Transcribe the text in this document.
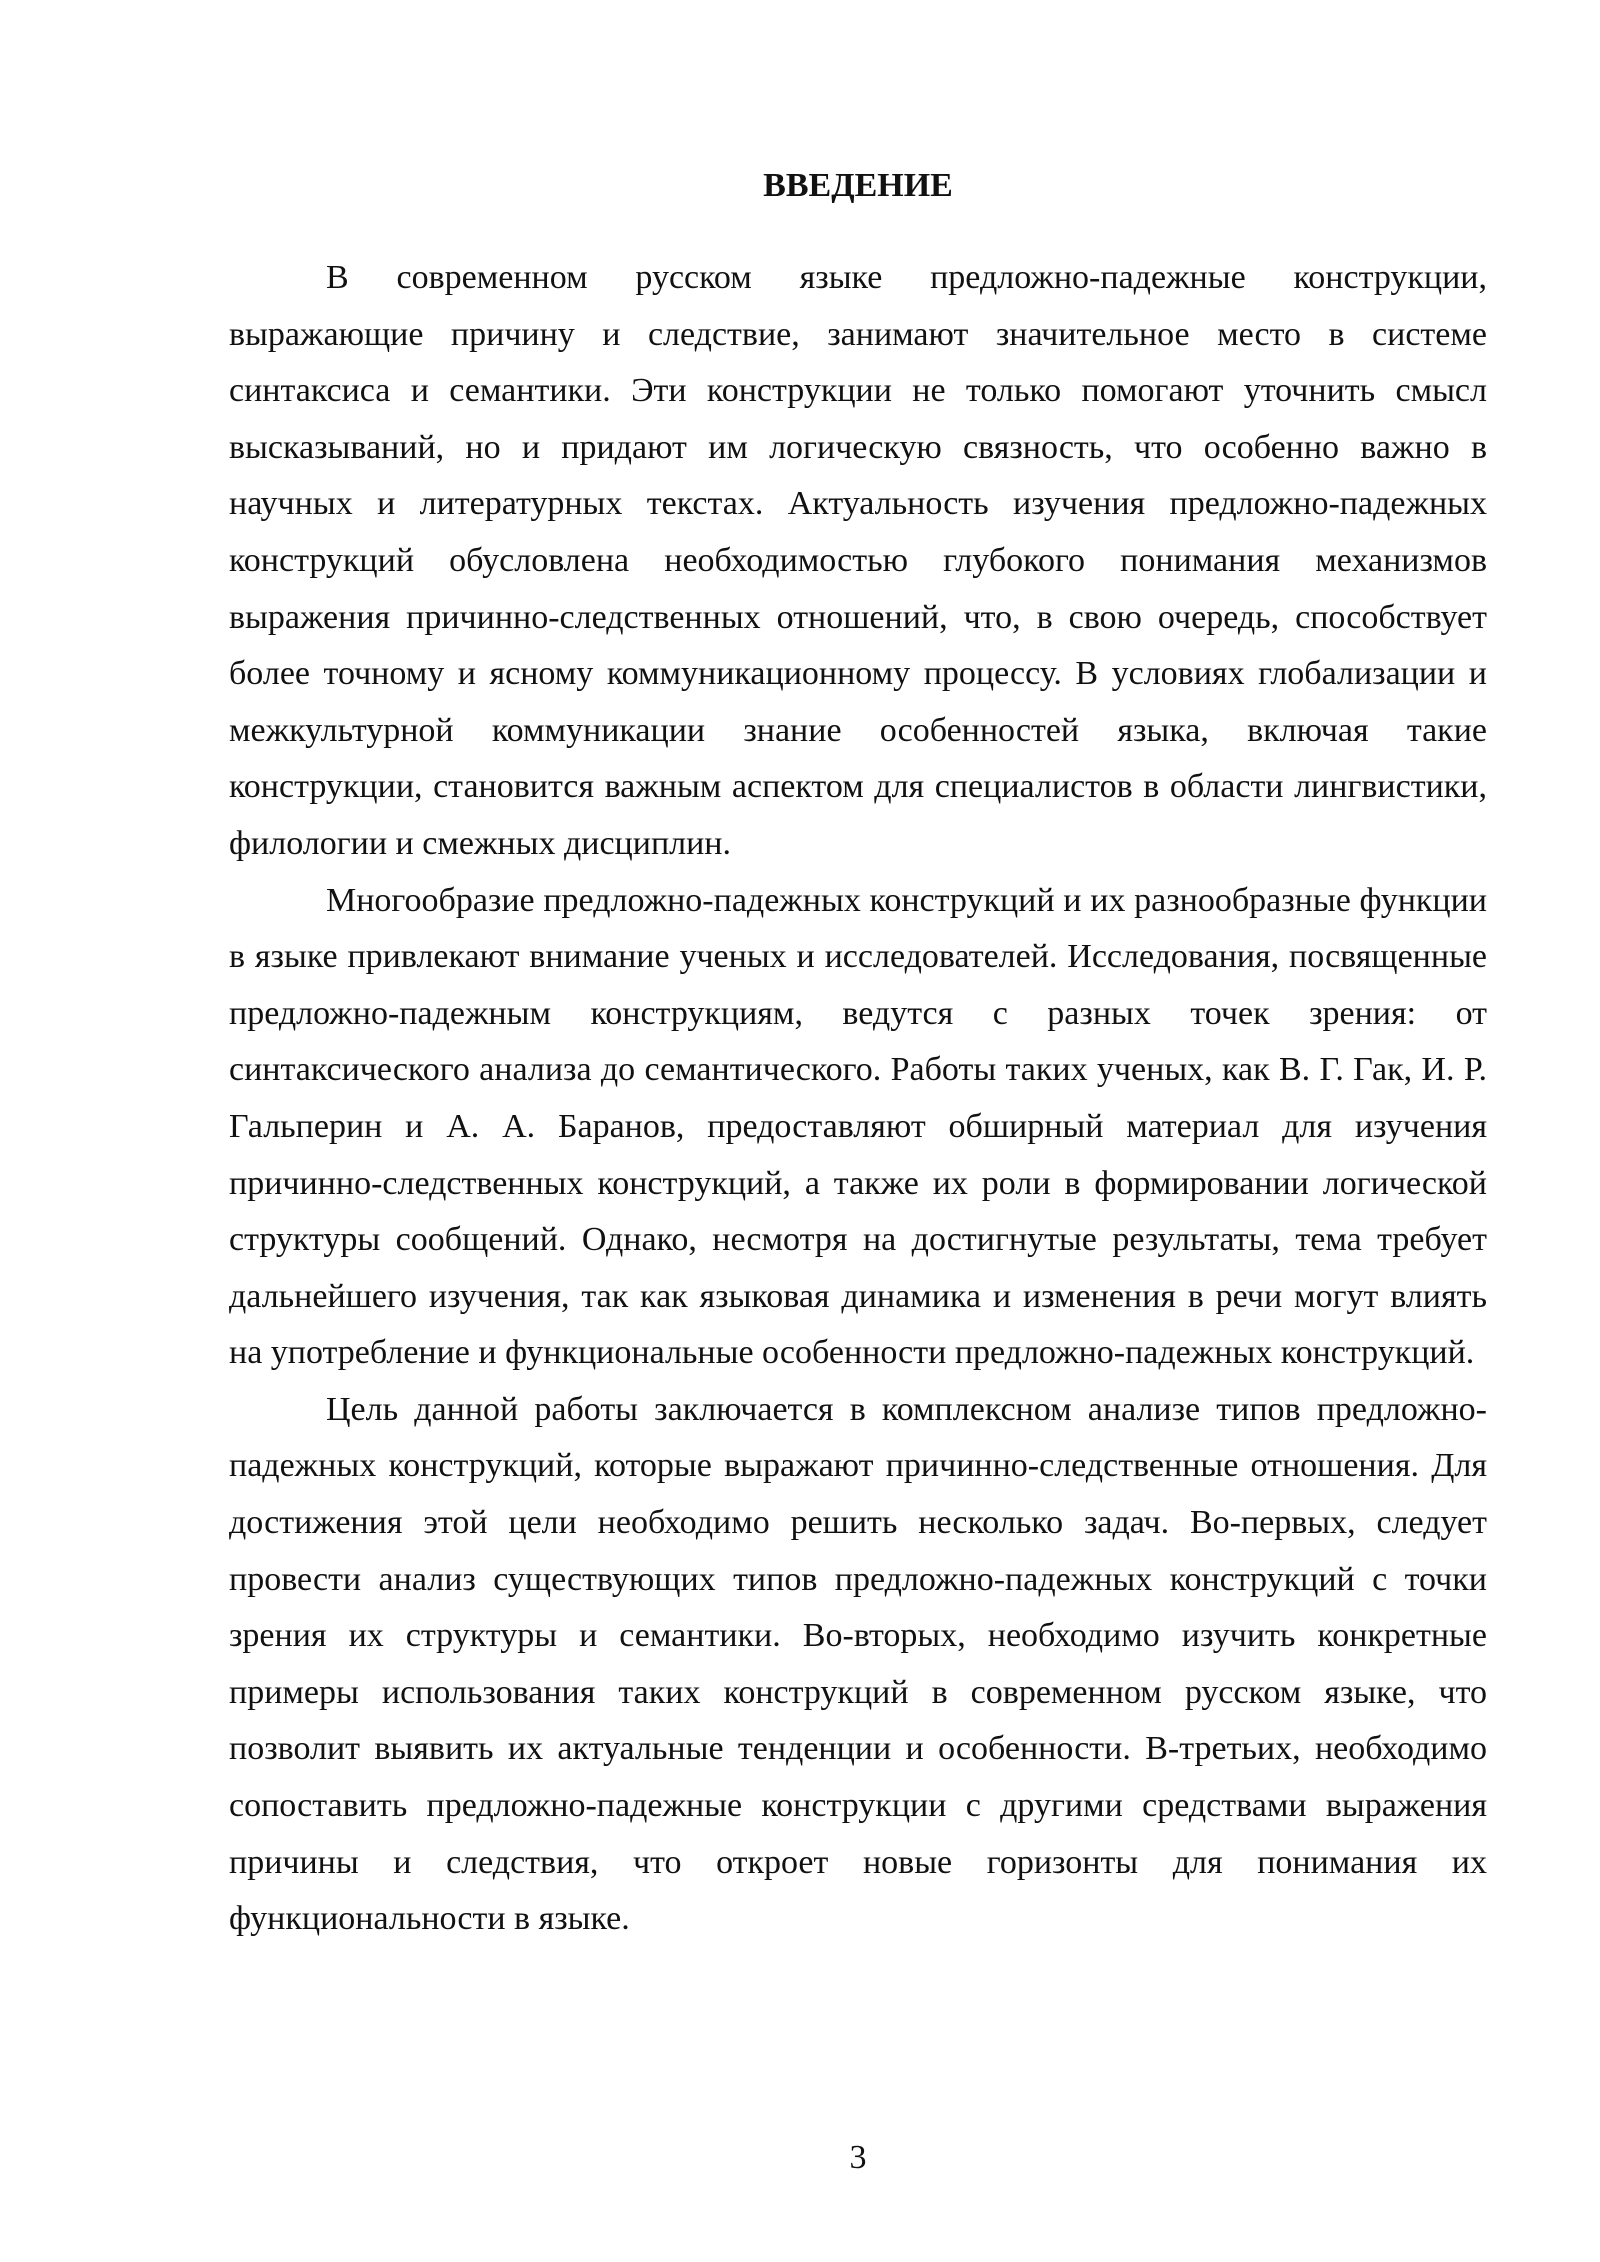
ВВЕДЕНИЕ

В современном русском языке предложно-падежные конструкции, выражающие причину и следствие, занимают значительное место в системе синтаксиса и семантики. Эти конструкции не только помогают уточнить смысл высказываний, но и придают им логическую связность, что особенно важно в научных и литературных текстах. Актуальность изучения предложно-падежных конструкций обусловлена необходимостью глубокого понимания механизмов выражения причинно-следственных отношений, что, в свою очередь, способствует более точному и ясному коммуникационному процессу. В условиях глобализации и межкультурной коммуникации знание особенностей языка, включая такие конструкции, становится важным аспектом для специалистов в области лингвистики, филологии и смежных дисциплин.

Многообразие предложно-падежных конструкций и их разнообразные функции в языке привлекают внимание ученых и исследователей. Исследования, посвященные предложно-падежным конструкциям, ведутся с разных точек зрения: от синтаксического анализа до семантического. Работы таких ученых, как В. Г. Гак, И. Р. Гальперин и А. А. Баранов, предоставляют обширный материал для изучения причинно-следственных конструкций, а также их роли в формировании логической структуры сообщений. Однако, несмотря на достигнутые результаты, тема требует дальнейшего изучения, так как языковая динамика и изменения в речи могут влиять на употребление и функциональные особенности предложно-падежных конструкций.

Цель данной работы заключается в комплексном анализе типов предложно-падежных конструкций, которые выражают причинно-следственные отношения. Для достижения этой цели необходимо решить несколько задач. Во-первых, следует провести анализ существующих типов предложно-падежных конструкций с точки зрения их структуры и семантики. Во-вторых, необходимо изучить конкретные примеры использования таких конструкций в современном русском языке, что позволит выявить их актуальные тенденции и особенности. В-третьих, необходимо сопоставить предложно-падежные конструкции с другими средствами выражения причины и следствия, что откроет новые горизонты для понимания их функциональности в языке.

3
